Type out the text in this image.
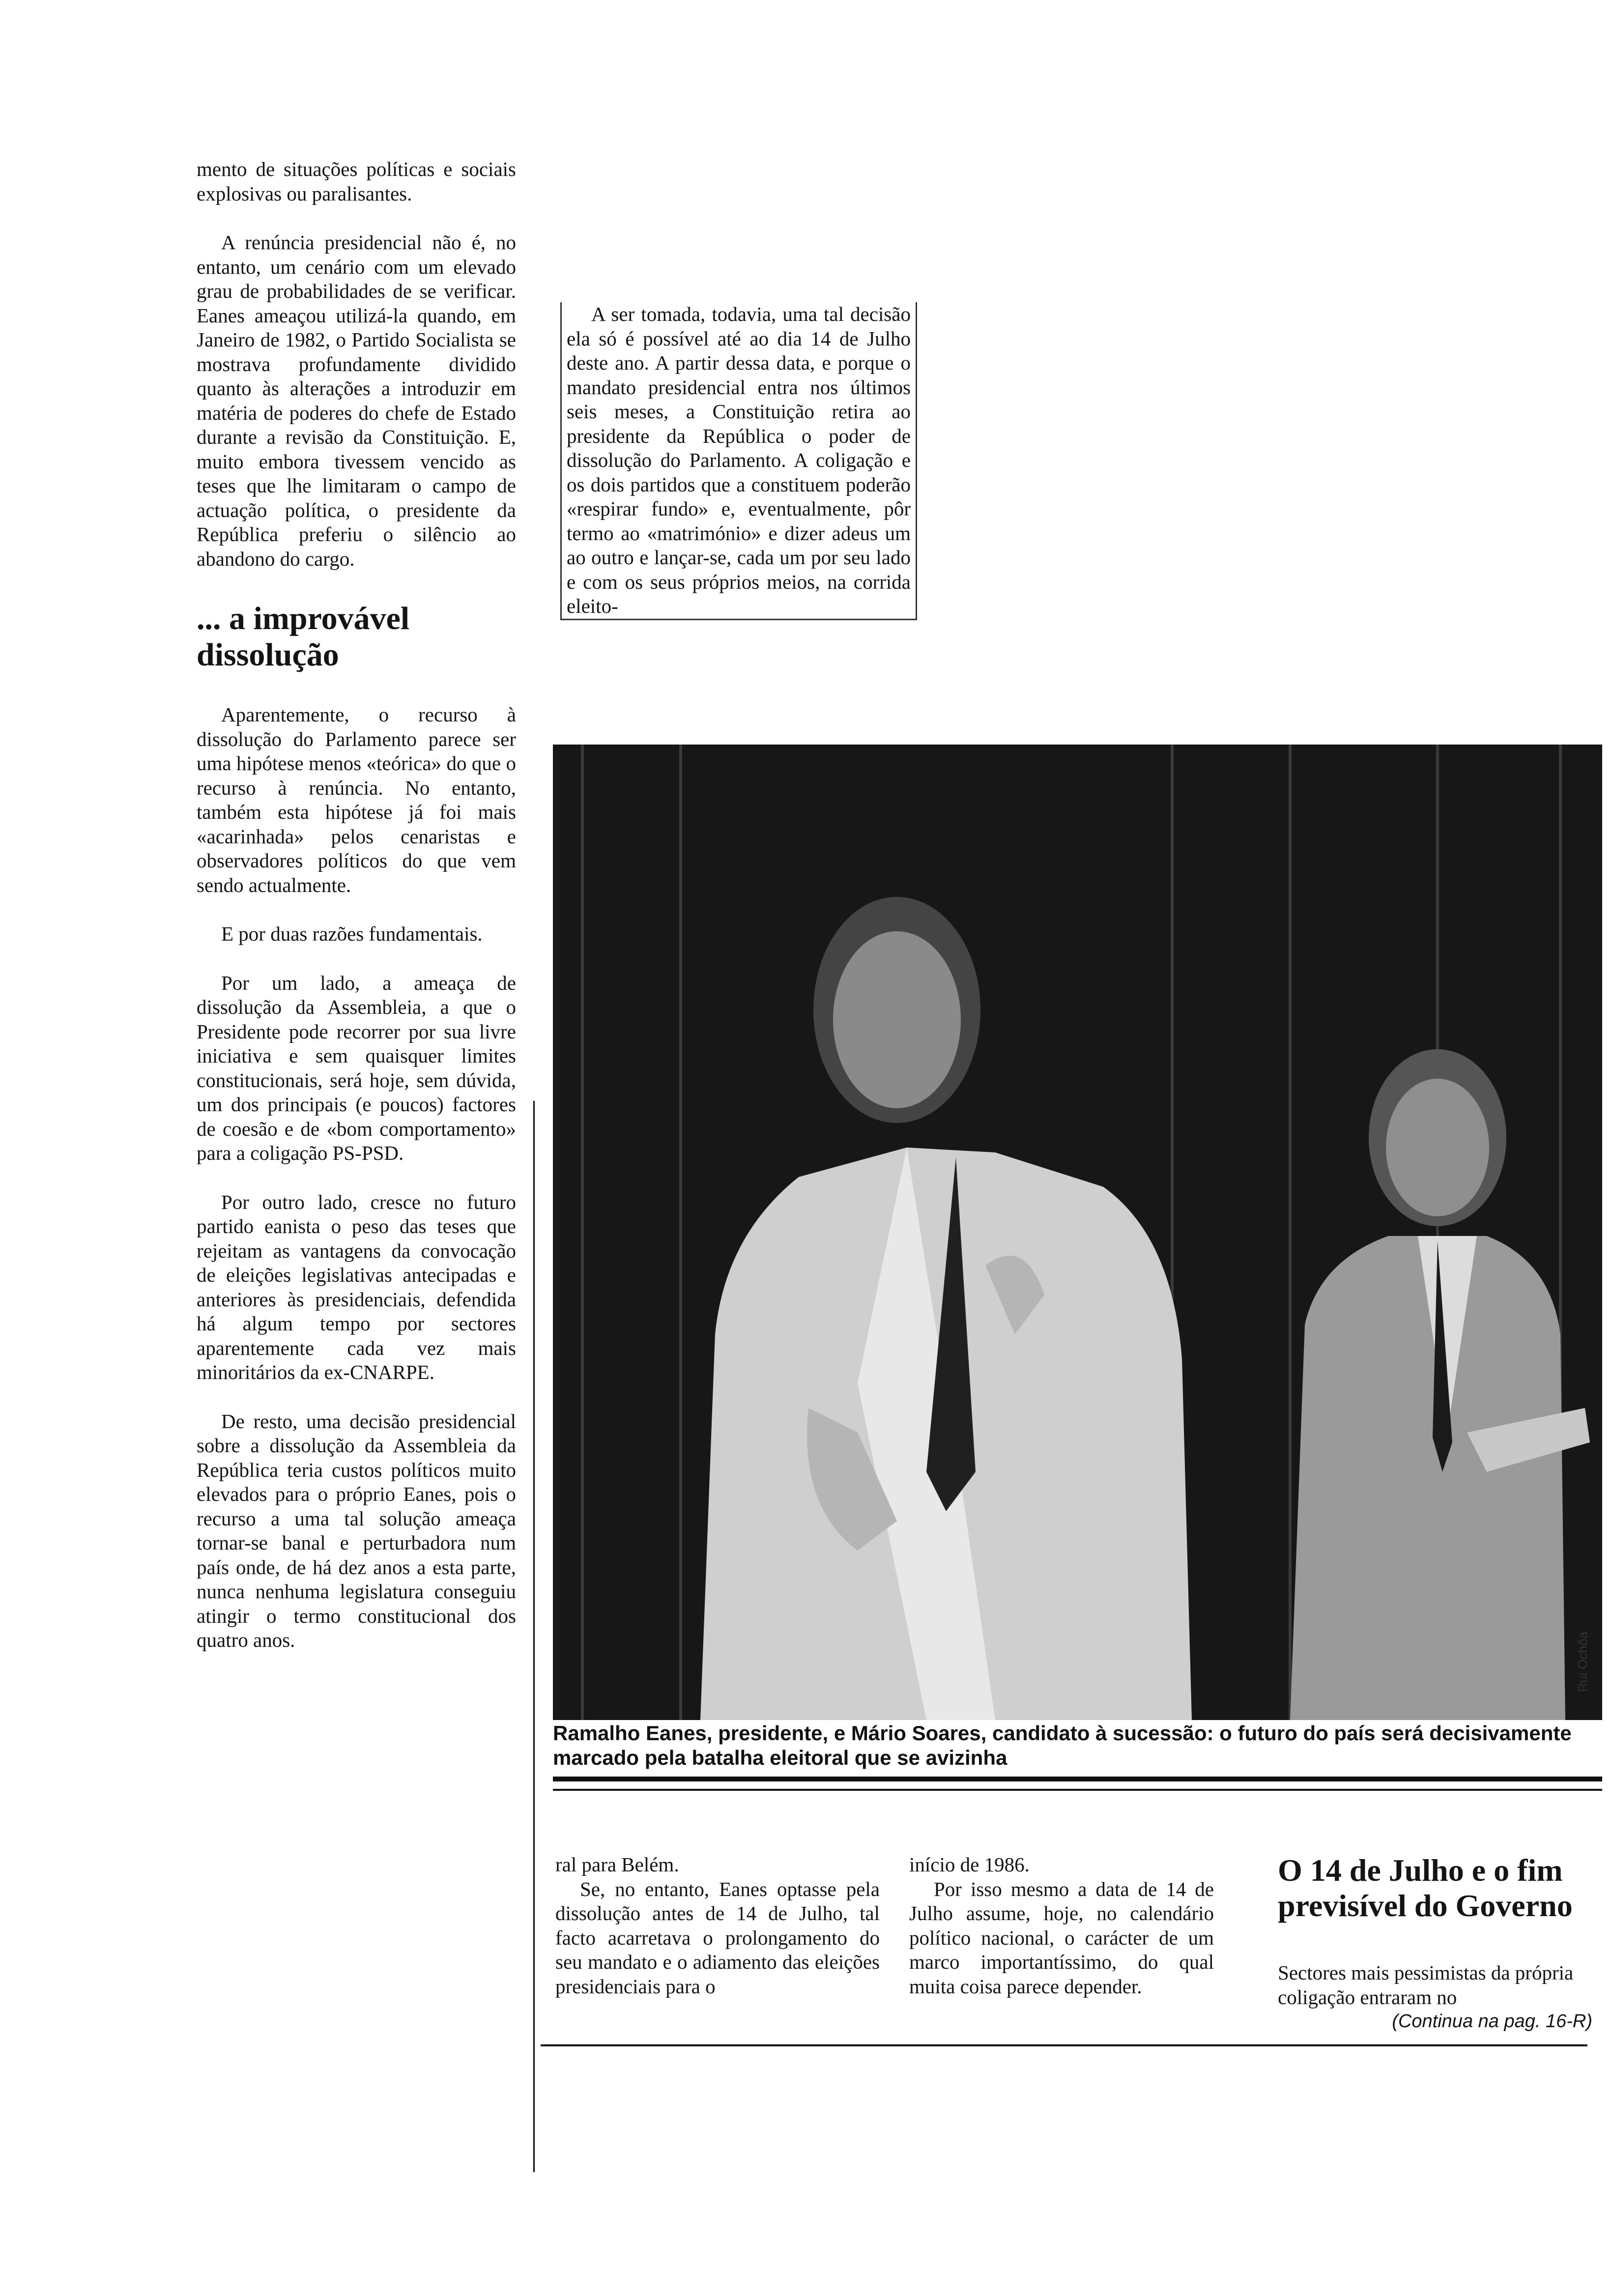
mento de situações políticas e sociais explosivas ou paralisantes.

A renúncia presidencial não é, no entanto, um cenário com um elevado grau de probabilidades de se verificar. Eanes ameaçou utilizá-la quando, em Janeiro de 1982, o Partido Socialista se mostrava profundamente dividido quanto às alterações a introduzir em matéria de poderes do chefe de Estado durante a revisão da Constituição. E, muito embora tivessem vencido as teses que lhe limitaram o campo de actuação política, o presidente da República preferiu o silêncio ao abandono do cargo.

... a improvável dissolução

Aparentemente, o recurso à dissolução do Parlamento parece ser uma hipótese menos «teórica» do que o recurso à renúncia. No entanto, também esta hipótese já foi mais «acarinhada» pelos cenaristas e observadores políticos do que vem sendo actualmente.

E por duas razões fundamentais.

Por um lado, a ameaça de dissolução da Assembleia, a que o Presidente pode recorrer por sua livre iniciativa e sem quaisquer limites constitucionais, será hoje, sem dúvida, um dos principais (e poucos) factores de coesão e de «bom comportamento» para a coligação PS-PSD.

Por outro lado, cresce no futuro partido eanista o peso das teses que rejeitam as vantagens da convocação de eleições legislativas antecipadas e anteriores às presidenciais, defendida há algum tempo por sectores aparentemente cada vez mais minoritários da ex-CNARPE.

De resto, uma decisão presidencial sobre a dissolução da Assembleia da República teria custos políticos muito elevados para o próprio Eanes, pois o recurso a uma tal solução ameaça tornar-se banal e perturbadora num país onde, de há dez anos a esta parte, nunca nenhuma legislatura conseguiu atingir o termo constitucional dos quatro anos.

A ser tomada, todavia, uma tal decisão ela só é possível até ao dia 14 de Julho deste ano. A partir dessa data, e porque o mandato presidencial entra nos últimos seis meses, a Constituição retira ao presidente da República o poder de dissolução do Parlamento. A coligação e os dois partidos que a constituem poderão «respirar fundo» e, eventualmente, pôr termo ao «matrimónio» e dizer adeus um ao outro e lançar-se, cada um por seu lado e com os seus próprios meios, na corrida eleito-

Rui Ochôa
Ramalho Eanes, presidente, e Mário Soares, candidato à sucessão: o futuro do país será decisivamente marcado pela batalha eleitoral que se avizinha

ral para Belém.

Se, no entanto, Eanes optasse pela dissolução antes de 14 de Julho, tal facto acarretava o prolongamento do seu mandato e o adiamento das eleições presidenciais para o

início de 1986.

Por isso mesmo a data de 14 de Julho assume, hoje, no calendário político nacional, o carácter de um marco importantíssimo, do qual muita coisa parece depender.

O 14 de Julho e o fim previsível do Governo
Sectores mais pessimistas da própria coligação entraram no
(Continua na pag. 16-R)
